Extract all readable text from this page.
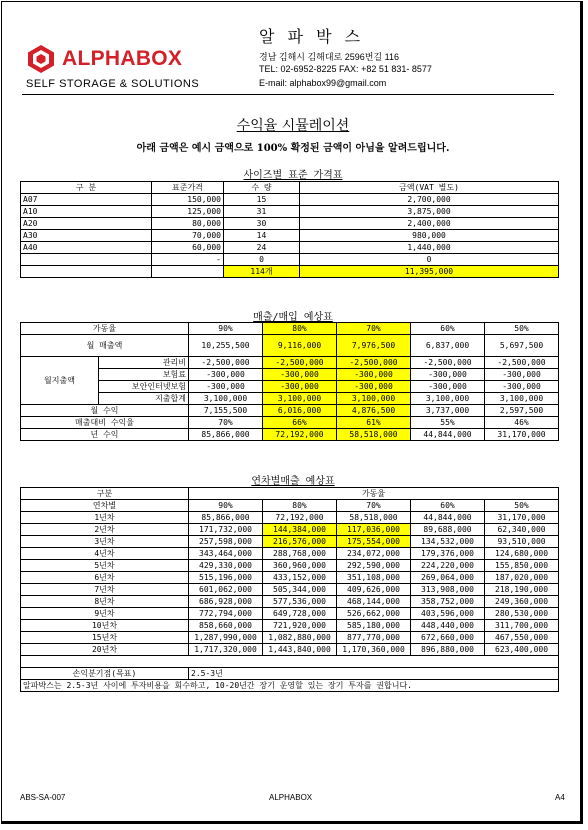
ALPHABOX
SELF STORAGE & SOLUTIONS
알 파 박 스
경남 김해시 김해대로 2596번길 116
TEL: 02-6952-8225 FAX: +82 51 831- 8577
E-mail: alphabox99@gmail.com
수익율 시뮬레이션
아래 금액은 예시 금액으로 100% 확정된 금액이 아님을 알려드립니다.
사이즈별 표준 가격표
구 분	표준가격	수 량	금액(VAT 별도)
A07	150,000	15	2,700,000
A10	125,000	31	3,875,000
A20	80,000	30	2,400,000
A30	70,000	14	980,000
A40	60,000	24	1,440,000
	-	0	0
		114개	11,395,000
매출/매입 예상표
가동율		90%	80%	70%	60%	50%
월 매출액		10,255,500	9,116,000	7,976,500	6,837,000	5,697,500
월지출액	관리비	-2,500,000	-2,500,000	-2,500,000	-2,500,000	-2,500,000
	보험료	-300,000	-300,000	-300,000	-300,000	-300,000
	보안인터넷보험	-300,000	-300,000	-300,000	-300,000	-300,000
	지출합계	3,100,000	3,100,000	3,100,000	3,100,000	3,100,000
월 수익		7,155,500	6,016,000	4,876,500	3,737,000	2,597,500
매출대비 수익율		70%	66%	61%	55%	46%
년 수익		85,866,000	72,192,000	58,518,000	44,844,000	31,170,000
연차별매출 예상표
구분	가동율				
연차별	90%	80%	70%	60%	50%
1년차	85,866,000	72,192,000	58,518,000	44,844,000	31,170,000
2년차	171,732,000	144,384,000	117,036,000	89,688,000	62,340,000
3년차	257,598,000	216,576,000	175,554,000	134,532,000	93,510,000
4년차	343,464,000	288,768,000	234,072,000	179,376,000	124,680,000
5년차	429,330,000	360,960,000	292,590,000	224,220,000	155,850,000
6년차	515,196,000	433,152,000	351,108,000	269,064,000	187,020,000
7년차	601,062,000	505,344,000	409,626,000	313,908,000	218,190,000
8년차	686,928,000	577,536,000	468,144,000	358,752,000	249,360,000
9년차	772,794,000	649,728,000	526,662,000	403,596,000	280,530,000
10년차	858,660,000	721,920,000	585,180,000	448,440,000	311,700,000
15년차	1,287,990,000	1,082,880,000	877,770,000	672,660,000	467,550,000
20년차	1,717,320,000	1,443,840,000	1,170,360,000	896,880,000	623,400,000

손익분기점(목표)	2.5-3년				
알파박스는 2.5-3년 사이에 투자비용을 회수하고, 10-20년간 장기 운영할 있는 장기 투자를 권합니다.					
ABS-SA-007	ALPHABOX	A4
